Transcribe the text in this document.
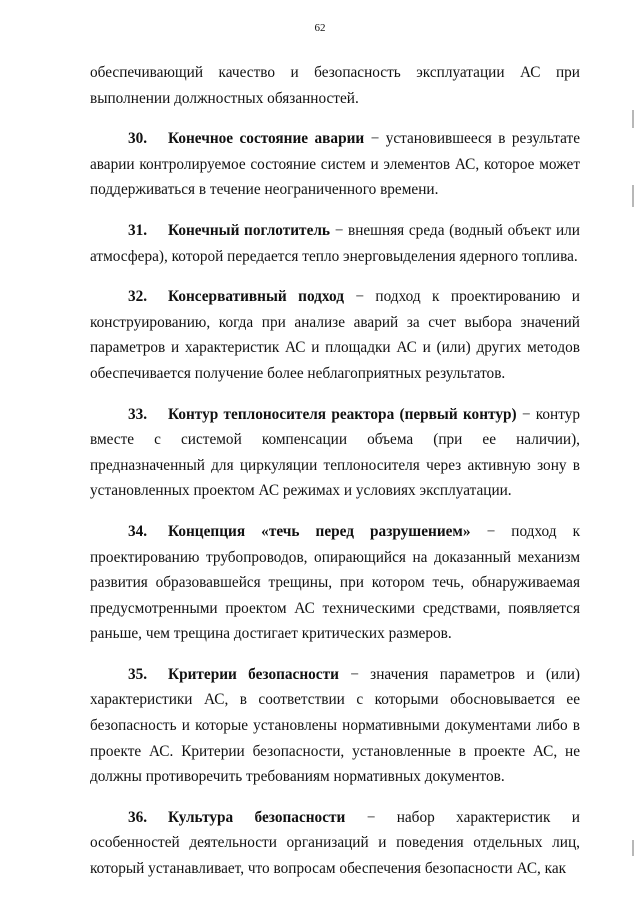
62

обеспечивающий качество и безопасность эксплуатации АС при выполнении должностных обязанностей.

30. Конечное состояние аварии − установившееся в результате аварии контролируемое состояние систем и элементов АС, которое может поддерживаться в течение неограниченного времени.

31. Конечный поглотитель − внешняя среда (водный объект или атмосфера), которой передается тепло энерговыделения ядерного топлива.

32. Консервативный подход − подход к проектированию и конструированию, когда при анализе аварий за счет выбора значений параметров и характеристик АС и площадки АС и (или) других методов обеспечивается получение более неблагоприятных результатов.

33. Контур теплоносителя реактора (первый контур) − контур вместе с системой компенсации объема (при ее наличии), предназначенный для циркуляции теплоносителя через активную зону в установленных проектом АС режимах и условиях эксплуатации.

34. Концепция «течь перед разрушением» − подход к проектированию трубопроводов, опирающийся на доказанный механизм развития образовавшейся трещины, при котором течь, обнаруживаемая предусмотренными проектом АС техническими средствами, появляется раньше, чем трещина достигает критических размеров.

35. Критерии безопасности − значения параметров и (или) характеристики АС, в соответствии с которыми обосновывается ее безопасность и которые установлены нормативными документами либо в проекте АС. Критерии безопасности, установленные в проекте АС, не должны противоречить требованиям нормативных документов.

36. Культура безопасности − набор характеристик и особенностей деятельности организаций и поведения отдельных лиц, который устанавливает, что вопросам обеспечения безопасности АС, как
